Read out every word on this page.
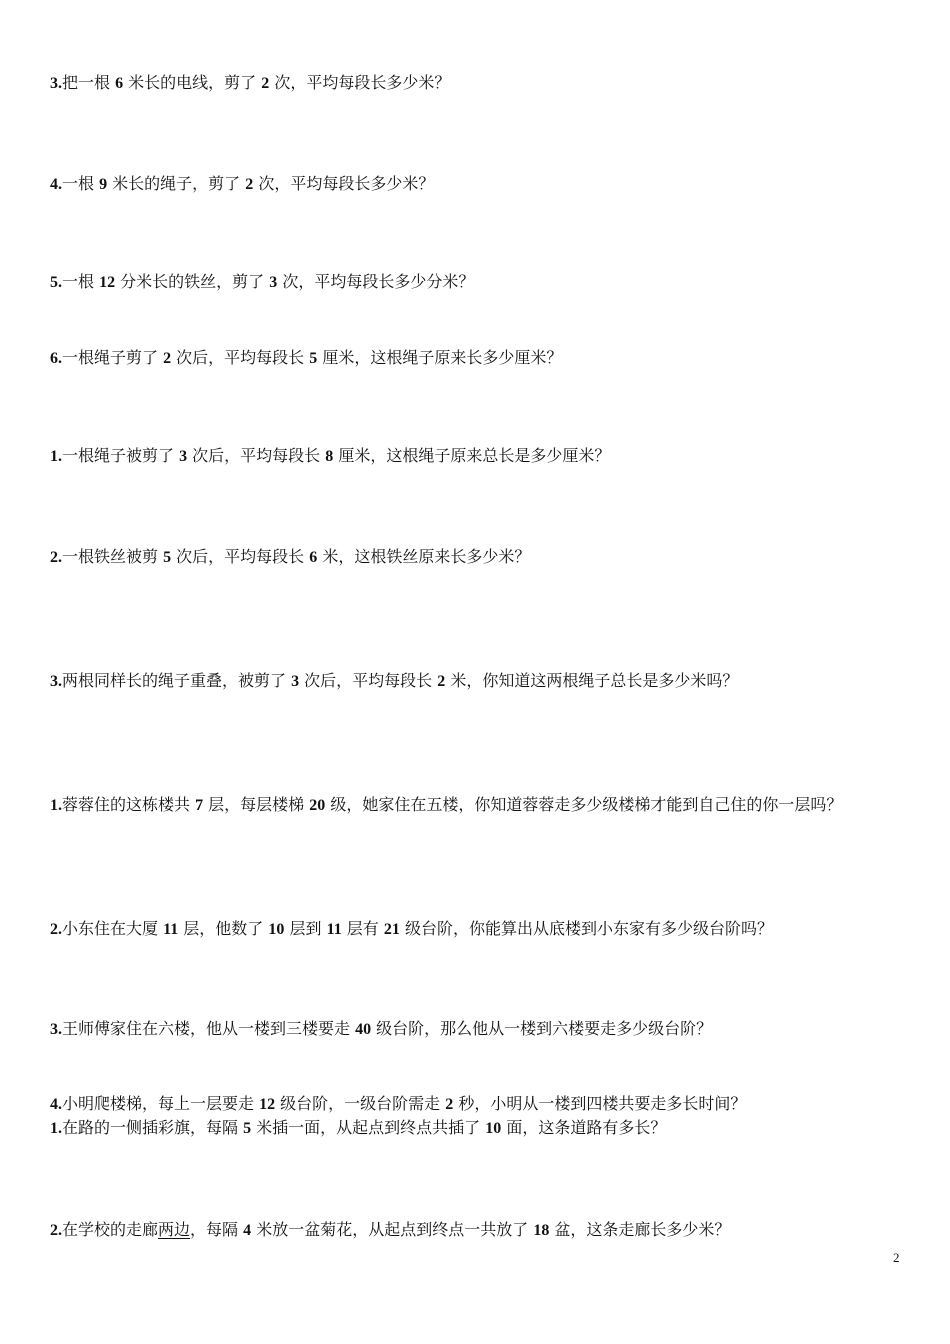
3.把一根 6 米长的电线，剪了 2 次，平均每段长多少米？
4.一根 9 米长的绳子，剪了 2 次，平均每段长多少米？
5.一根 12 分米长的铁丝，剪了 3 次，平均每段长多少分米？
6.一根绳子剪了 2 次后，平均每段长 5 厘米，这根绳子原来长多少厘米？
1.一根绳子被剪了 3 次后，平均每段长 8 厘米，这根绳子原来总长是多少厘米？
2.一根铁丝被剪 5 次后，平均每段长 6 米，这根铁丝原来长多少米？
3.两根同样长的绳子重叠，被剪了 3 次后，平均每段长 2 米，你知道这两根绳子总长是多少米吗？
1.蓉蓉住的这栋楼共 7 层，每层楼梯 20 级，她家住在五楼，你知道蓉蓉走多少级楼梯才能到自己住的你一层吗？
2.小东住在大厦 11 层，他数了 10 层到 11 层有 21 级台阶，你能算出从底楼到小东家有多少级台阶吗？
3.王师傅家住在六楼，他从一楼到三楼要走 40 级台阶，那么他从一楼到六楼要走多少级台阶？
4.小明爬楼梯，每上一层要走 12 级台阶，一级台阶需走 2 秒，小明从一楼到四楼共要走多长时间？
1.在路的一侧插彩旗，每隔 5 米插一面，从起点到终点共插了 10 面，这条道路有多长？
2.在学校的走廊两边，每隔 4 米放一盆菊花，从起点到终点一共放了 18 盆，这条走廊长多少米？
2
